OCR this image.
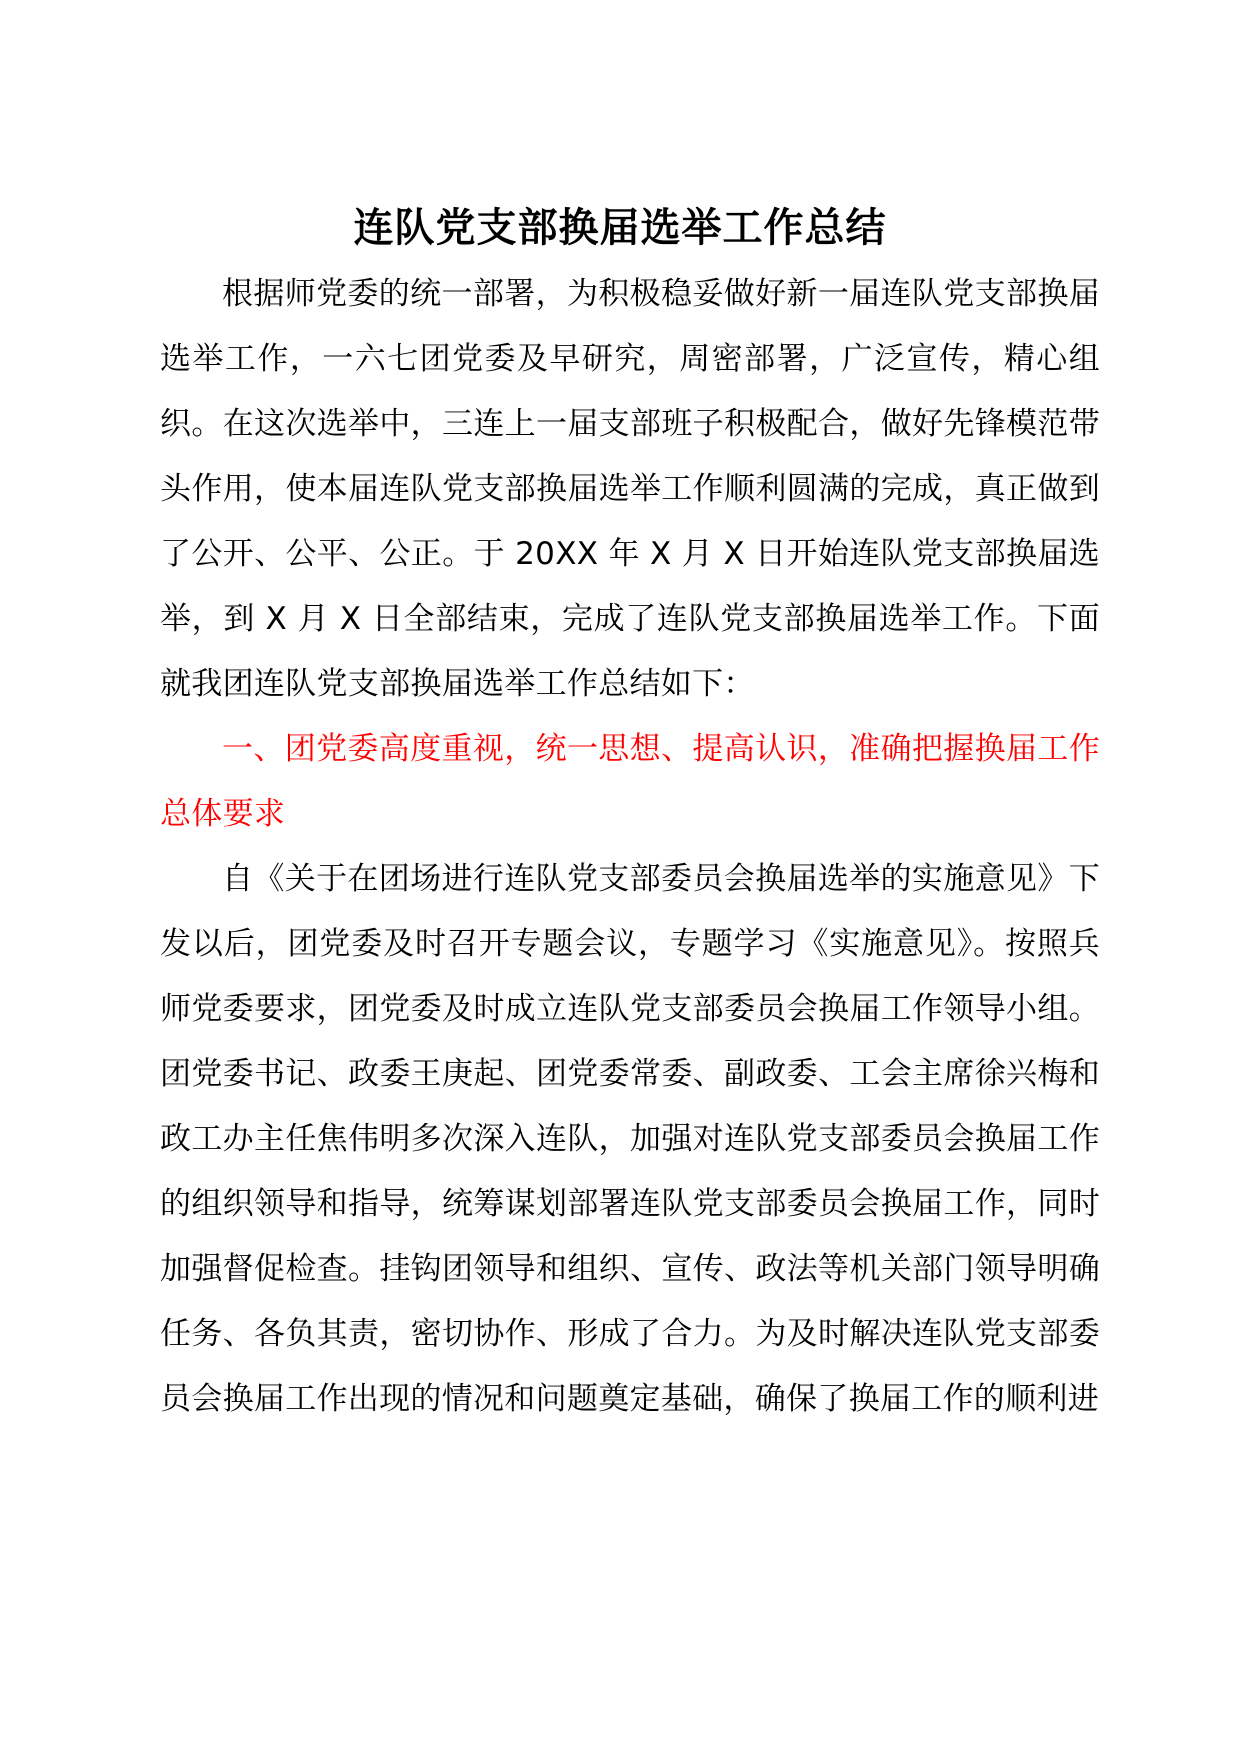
连队党支部换届选举工作总结

根据师党委的统一部署，为积极稳妥做好新一届连队党支部换届选举工作，一六七团党委及早研究，周密部署，广泛宣传，精心组织。在这次选举中，三连上一届支部班子积极配合，做好先锋模范带头作用，使本届连队党支部换届选举工作顺利圆满的完成，真正做到了公开、公平、公正。于 20XX 年 X 月 X 日开始连队党支部换届选举，到 X 月 X 日全部结束，完成了连队党支部换届选举工作。下面就我团连队党支部换届选举工作总结如下：

一、团党委高度重视，统一思想、提高认识，准确把握换届工作总体要求

自《关于在团场进行连队党支部委员会换届选举的实施意见》下发以后，团党委及时召开专题会议，专题学习《实施意见》。按照兵师党委要求，团党委及时成立连队党支部委员会换届工作领导小组。团党委书记、政委王庚起、团党委常委、副政委、工会主席徐兴梅和政工办主任焦伟明多次深入连队，加强对连队党支部委员会换届工作的组织领导和指导，统筹谋划部署连队党支部委员会换届工作，同时加强督促检查。挂钩团领导和组织、宣传、政法等机关部门领导明确任务、各负其责，密切协作、形成了合力。为及时解决连队党支部委员会换届工作出现的情况和问题奠定基础，确保了换届工作的顺利进
